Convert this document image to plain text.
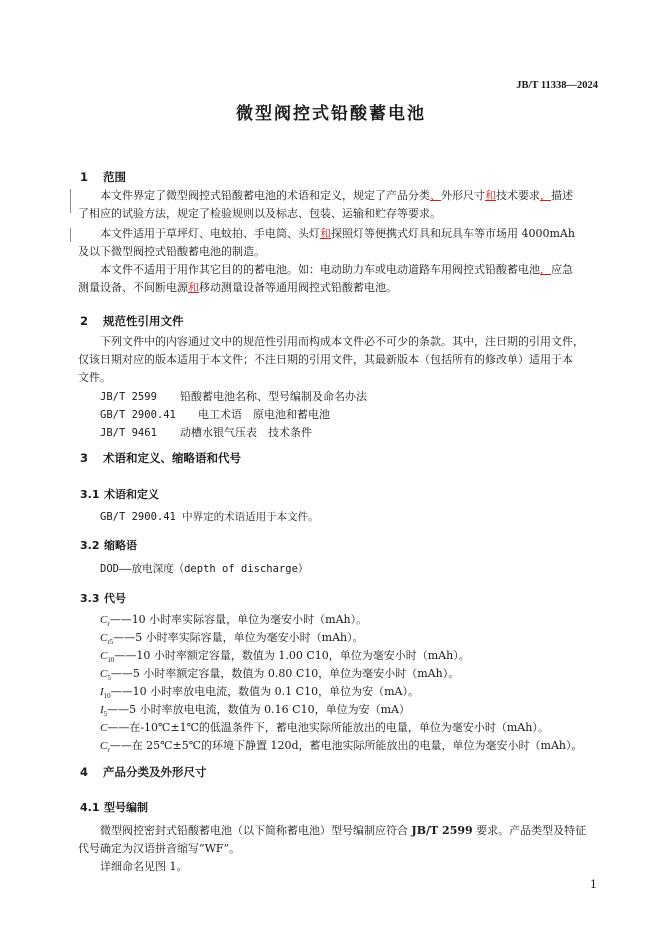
JB/T 11338—2024
微型阀控式铅酸蓄电池
1 范围
本文件界定了微型阀控式铅酸蓄电池的术语和定义，规定了产品分类、外形尺寸和技术要求，描述
了相应的试验方法，规定了检验规则以及标志、包装、运输和贮存等要求。
本文件适用于草坪灯、电蚊拍、手电筒、头灯和探照灯等便携式灯具和玩具车等市场用 4000mAh
及以下微型阀控式铅酸蓄电池的制造。
本文件不适用于用作其它目的的蓄电池。如：电动助力车或电动道路车用阀控式铅酸蓄电池，应急
测量设备、不间断电源和移动测量设备等通用阀控式铅酸蓄电池。
2 规范性引用文件
下列文件中的内容通过文中的规范性引用而构成本文件必不可少的条款。其中，注日期的引用文件，
仅该日期对应的版本适用于本文件；不注日期的引用文件，其最新版本（包括所有的修改单）适用于本
文件。
JB/T 2599 铅酸蓄电池名称、型号编制及命名办法
GB/T 2900.41 电工术语　原电池和蓄电池
JB/T 9461 动槽水银气压表　技术条件
3 术语和定义、缩略语和代号
3.1 术语和定义
GB/T 2900.41 中界定的术语适用于本文件。
3.2 缩略语
DOD——放电深度（depth of discharge）
3.3 代号
$C_r——10$ 小时率实际容量，单位为毫安小时（mAh）。
$C_{r5}——5$ 小时率实际容量，单位为毫安小时（mAh）。
$C_{10}——10$ 小时率额定容量，数值为 1.00 C10，单位为毫安小时（mAh）。
$C_5——5$ 小时率额定容量，数值为 0.80 C10，单位为毫安小时（mAh）。
$I_{10}——10$ 小时率放电电流，数值为 0.1 C10，单位为安（mA）。
$I_5——5$ 小时率放电电流，数值为 0.16 C10，单位为安（mA）
C——在-10℃±1℃的低温条件下，蓄电池实际所能放出的电量，单位为毫安小时（mAh）。
$C_r——$在 25℃±5℃的环境下静置 120d，蓄电池实际所能放出的电量，单位为毫安小时（mAh）。
4 产品分类及外形尺寸
4.1 型号编制
微型阀控密封式铅酸蓄电池（以下简称蓄电池）型号编制应符合 JB/T 2599 要求。产品类型及特征
代号确定为汉语拼音缩写“WF”。
详细命名见图 1。
1
